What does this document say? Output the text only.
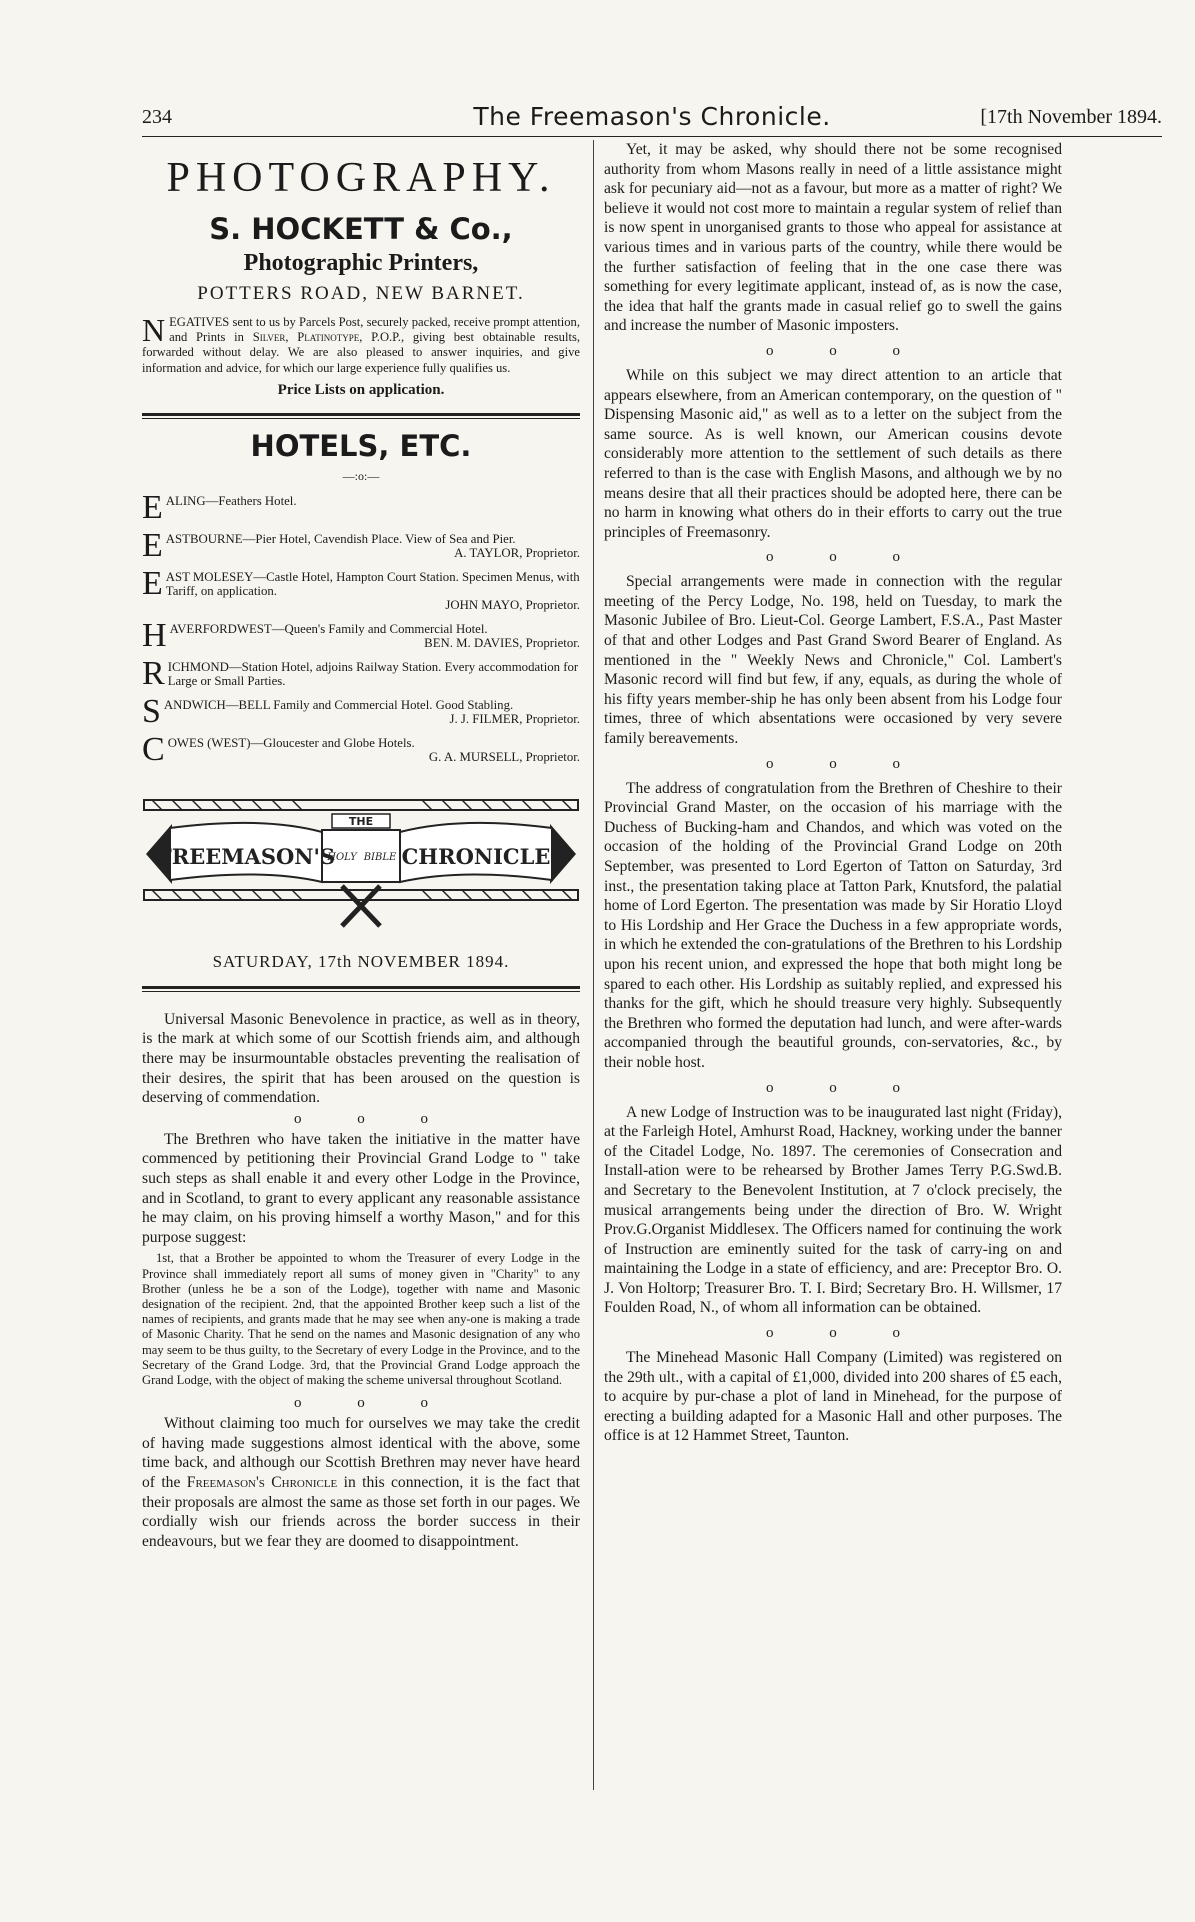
234	The Freemason's Chronicle.	[17th November 1894.
PHOTOGRAPHY.
S. HOCKETT & Co.,
Photographic Printers,
POTTERS ROAD, NEW BARNET.
NEGATIVES sent to us by Parcels Post, securely packed, receive prompt attention, and Prints in Silver, Platinotype, P.O.P., giving best obtainable results, forwarded without delay. We are also pleased to answer inquiries, and give information and advice, for which our large experience fully qualifies us.
Price Lists on application.
HOTELS, ETC.
—:o:—
EALING—Feathers Hotel.
EASTBOURNE—Pier Hotel, Cavendish Place. View of Sea and Pier.
A. TAYLOR, Proprietor.
EAST MOLESEY—Castle Hotel, Hampton Court Station. Specimen Menus, with Tariff, on application.
JOHN MAYO, Proprietor.
HAVERFORDWEST—Queen's Family and Commercial Hotel.
BEN. M. DAVIES, Proprietor.
RICHMOND—Station Hotel, adjoins Railway Station. Every accommodation for Large or Small Parties.
SANDWICH—BELL Family and Commercial Hotel. Good Stabling.
J. J. FILMER, Proprietor.
COWES (WEST)—Gloucester and Globe Hotels.
G. A. MURSELL, Proprietor.
THE
HOLY BIBLE
FREEMASON'S	CHRONICLE
SATURDAY, 17th NOVEMBER 1894.

Universal Masonic Benevolence in practice, as well as in theory, is the mark at which some of our Scottish friends aim, and although there may be insurmountable obstacles preventing the realisation of their desires, the spirit that has been aroused on the question is deserving of commendation.

o o o

The Brethren who have taken the initiative in the matter have commenced by petitioning their Provincial Grand Lodge to " take such steps as shall enable it and every other Lodge in the Province, and in Scotland, to grant to every applicant any reasonable assistance he may claim, on his proving himself a worthy Mason," and for this purpose suggest:

1st, that a Brother be appointed to whom the Treasurer of every Lodge in the Province shall immediately report all sums of money given in "Charity" to any Brother (unless he be a son of the Lodge), together with name and Masonic designation of the recipient. 2nd, that the appointed Brother keep such a list of the names of recipients, and grants made that he may see when any-one is making a trade of Masonic Charity. That he send on the names and Masonic designation of any who may seem to be thus guilty, to the Secretary of every Lodge in the Province, and to the Secretary of the Grand Lodge. 3rd, that the Provincial Grand Lodge approach the Grand Lodge, with the object of making the scheme universal throughout Scotland.

o o o

Without claiming too much for ourselves we may take the credit of having made suggestions almost identical with the above, some time back, and although our Scottish Brethren may never have heard of the Freemason's Chronicle in this connection, it is the fact that their proposals are almost the same as those set forth in our pages. We cordially wish our friends across the border success in their endeavours, but we fear they are doomed to disappointment.

Yet, it may be asked, why should there not be some recognised authority from whom Masons really in need of a little assistance might ask for pecuniary aid—not as a favour, but more as a matter of right? We believe it would not cost more to maintain a regular system of relief than is now spent in unorganised grants to those who appeal for assistance at various times and in various parts of the country, while there would be the further satisfaction of feeling that in the one case there was something for every legitimate applicant, instead of, as is now the case, the idea that half the grants made in casual relief go to swell the gains and increase the number of Masonic imposters.

o o o

While on this subject we may direct attention to an article that appears elsewhere, from an American contemporary, on the question of " Dispensing Masonic aid," as well as to a letter on the subject from the same source. As is well known, our American cousins devote considerably more attention to the settlement of such details as there referred to than is the case with English Masons, and although we by no means desire that all their practices should be adopted here, there can be no harm in knowing what others do in their efforts to carry out the true principles of Freemasonry.

o o o

Special arrangements were made in connection with the regular meeting of the Percy Lodge, No. 198, held on Tuesday, to mark the Masonic Jubilee of Bro. Lieut-Col. George Lambert, F.S.A., Past Master of that and other Lodges and Past Grand Sword Bearer of England. As mentioned in the " Weekly News and Chronicle," Col. Lambert's Masonic record will find but few, if any, equals, as during the whole of his fifty years member-ship he has only been absent from his Lodge four times, three of which absentations were occasioned by very severe family bereavements.

o o o

The address of congratulation from the Brethren of Cheshire to their Provincial Grand Master, on the occasion of his marriage with the Duchess of Bucking-ham and Chandos, and which was voted on the occasion of the holding of the Provincial Grand Lodge on 20th September, was presented to Lord Egerton of Tatton on Saturday, 3rd inst., the presentation taking place at Tatton Park, Knutsford, the palatial home of Lord Egerton. The presentation was made by Sir Horatio Lloyd to His Lordship and Her Grace the Duchess in a few appropriate words, in which he extended the con-gratulations of the Brethren to his Lordship upon his recent union, and expressed the hope that both might long be spared to each other. His Lordship as suitably replied, and expressed his thanks for the gift, which he should treasure very highly. Subsequently the Brethren who formed the deputation had lunch, and were after-wards accompanied through the beautiful grounds, con-servatories, &c., by their noble host.

o o o

A new Lodge of Instruction was to be inaugurated last night (Friday), at the Farleigh Hotel, Amhurst Road, Hackney, working under the banner of the Citadel Lodge, No. 1897. The ceremonies of Consecration and Install-ation were to be rehearsed by Brother James Terry P.G.Swd.B. and Secretary to the Benevolent Institution, at 7 o'clock precisely, the musical arrangements being under the direction of Bro. W. Wright Prov.G.Organist Middlesex. The Officers named for continuing the work of Instruction are eminently suited for the task of carry-ing on and maintaining the Lodge in a state of efficiency, and are: Preceptor Bro. O. J. Von Holtorp; Treasurer Bro. T. I. Bird; Secretary Bro. H. Willsmer, 17 Foulden Road, N., of whom all information can be obtained.

o o o

The Minehead Masonic Hall Company (Limited) was registered on the 29th ult., with a capital of £1,000, divided into 200 shares of £5 each, to acquire by pur-chase a plot of land in Minehead, for the purpose of erecting a building adapted for a Masonic Hall and other purposes. The office is at 12 Hammet Street, Taunton.
